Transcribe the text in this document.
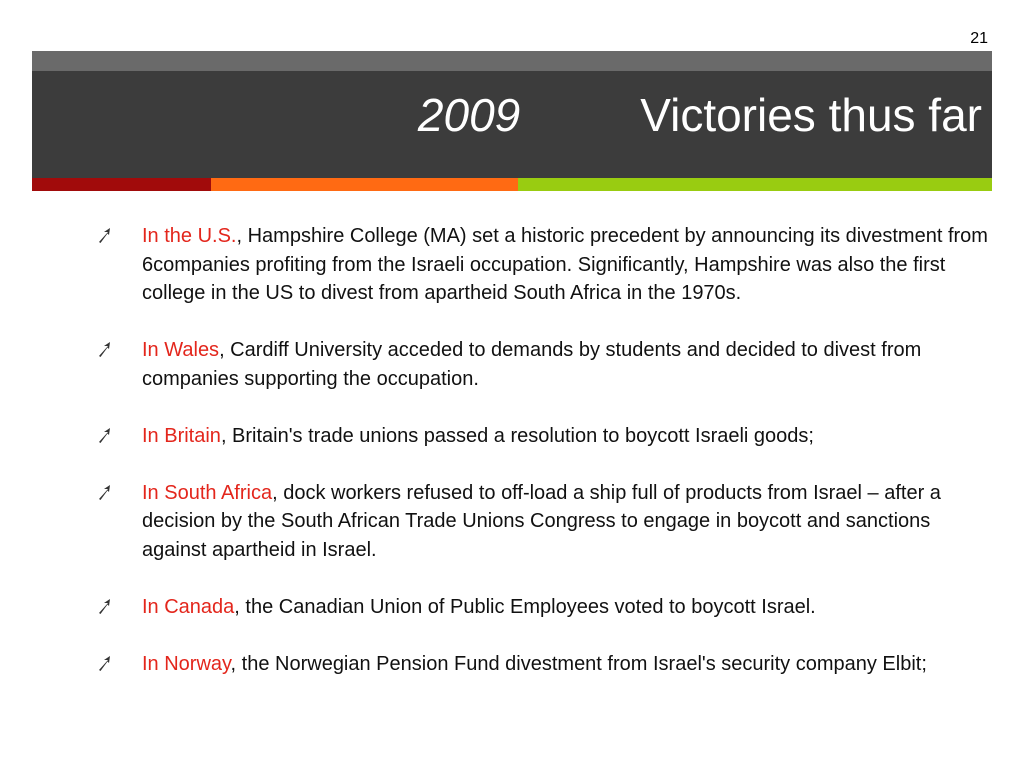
21
2009	Victories thus far
In the U.S., Hampshire College (MA) set a historic precedent by announcing its divestment from 6companies profiting from the Israeli occupation. Significantly, Hampshire was also the first college in the US to divest from apartheid South Africa in the 1970s.
In Wales, Cardiff University acceded to demands by students and decided to divest from companies supporting the occupation.
In Britain, Britain's trade unions passed a resolution to boycott Israeli goods;
In South Africa, dock workers refused to off-load a ship full of products from Israel – after a decision by the South African Trade Unions Congress to engage in boycott and sanctions against apartheid in Israel.
In Canada, the Canadian Union of Public Employees voted to boycott Israel.
In Norway, the Norwegian Pension Fund divestment from Israel's security company Elbit;
